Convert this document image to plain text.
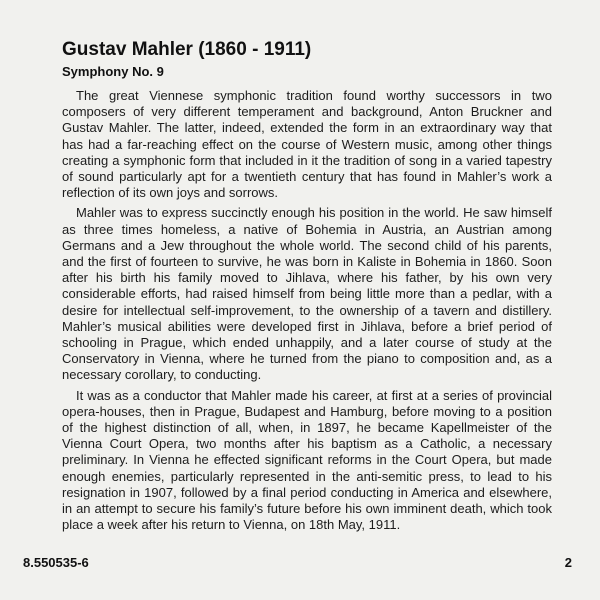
Gustav Mahler (1860 - 1911)
Symphony No. 9

The great Viennese symphonic tradition found worthy successors in two composers of very different temperament and background, Anton Bruckner and Gustav Mahler. The latter, indeed, extended the form in an extraordinary way that has had a far-reaching effect on the course of Western music, among other things creating a symphonic form that included in it the tradition of song in a varied tapestry of sound particularly apt for a twentieth century that has found in Mahler’s work a reflection of its own joys and sorrows.

Mahler was to express succinctly enough his position in the world. He saw himself as three times homeless, a native of Bohemia in Austria, an Austrian among Germans and a Jew throughout the whole world. The second child of his parents, and the first of fourteen to survive, he was born in Kaliste in Bohemia in 1860. Soon after his birth his family moved to Jihlava, where his father, by his own very considerable efforts, had raised himself from being little more than a pedlar, with a desire for intellectual self-improvement, to the ownership of a tavern and distillery. Mahler’s musical abilities were developed first in Jihlava, before a brief period of schooling in Prague, which ended unhappily, and a later course of study at the Conservatory in Vienna, where he turned from the piano to composition and, as a necessary corollary, to conducting.

It was as a conductor that Mahler made his career, at first at a series of provincial opera-houses, then in Prague, Budapest and Hamburg, before moving to a position of the highest distinction of all, when, in 1897, he became Kapellmeister of the Vienna Court Opera, two months after his baptism as a Catholic, a necessary preliminary. In Vienna he effected significant reforms in the Court Opera, but made enough enemies, particularly represented in the anti-semitic press, to lead to his resignation in 1907, followed by a final period conducting in America and elsewhere, in an attempt to secure his family’s future before his own imminent death, which took place a week after his return to Vienna, on 18th May, 1911.

8.550535-6	2
